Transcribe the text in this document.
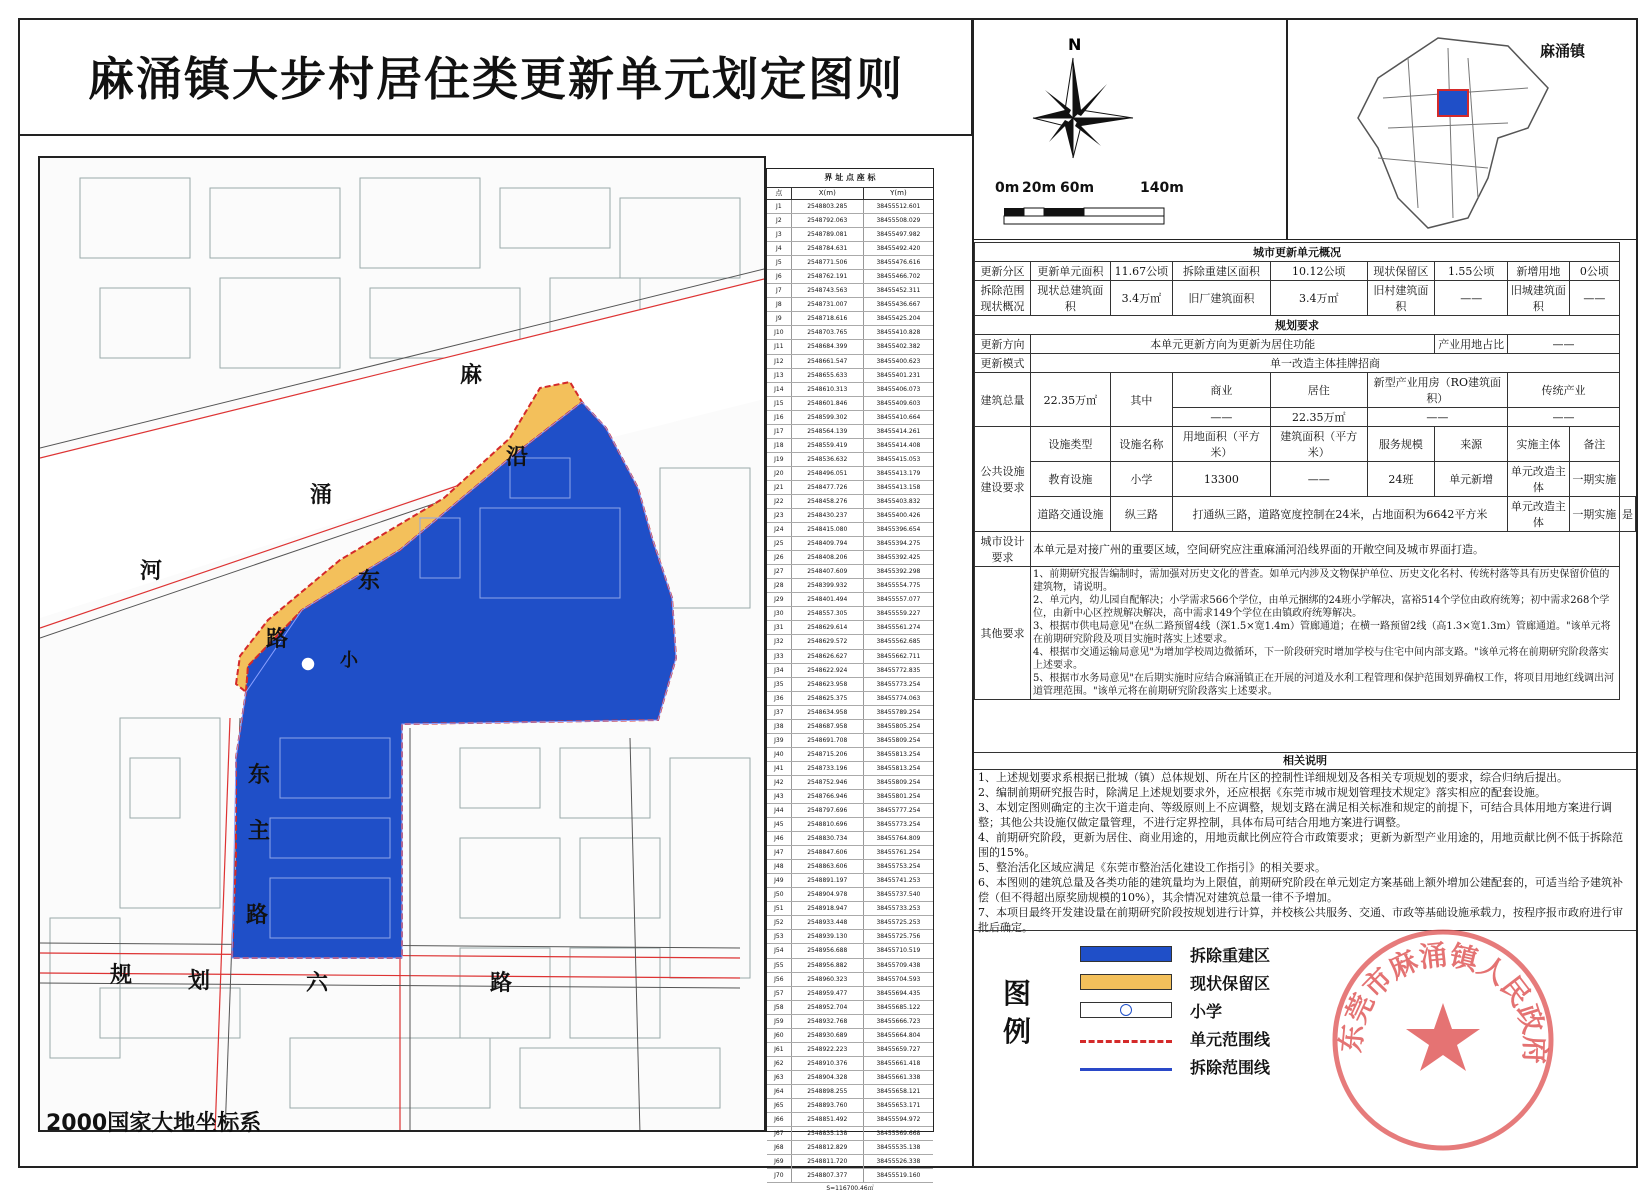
麻涌镇大步村居住类更新单元划定图则
麻
沿
涌
河	东
路
小
东
主
路
规	划	六	路
2000国家大地坐标系
界 址 点 座 标
点	X(m)	Y(m)
J1	2548803.285	38455512.601
J2	2548792.063	38455508.029
J3	2548789.081	38455497.982
J4	2548784.631	38455492.420
J5	2548771.506	38455476.616
J6	2548762.191	38455466.702
J7	2548743.563	38455452.311
J8	2548731.007	38455436.667
J9	2548718.616	38455425.204
J10	2548703.765	38455410.828
J11	2548684.399	38455402.382
J12	2548661.547	38455400.623
J13	2548655.633	38455401.231
J14	2548610.313	38455406.073
J15	2548601.846	38455409.603
J16	2548599.302	38455410.664
J17	2548564.139	38455414.261
J18	2548559.419	38455414.408
J19	2548536.632	38455415.053
J20	2548496.051	38455413.179
J21	2548477.726	38455413.158
J22	2548458.276	38455403.832
J23	2548430.237	38455400.426
J24	2548415.080	38455396.654
J25	2548409.794	38455394.275
J26	2548408.206	38455392.425
J27	2548407.609	38455392.298
J28	2548399.932	38455554.775
J29	2548401.494	38455557.077
J30	2548557.305	38455559.227
J31	2548629.614	38455561.274
J32	2548629.572	38455562.685
J33	2548626.627	38455662.711
J34	2548622.924	38455772.835
J35	2548623.958	38455773.254
J36	2548625.375	38455774.063
J37	2548634.958	38455789.254
J38	2548687.958	38455805.254
J39	2548691.708	38455809.254
J40	2548715.206	38455813.254
J41	2548733.196	38455813.254
J42	2548752.946	38455809.254
J43	2548766.946	38455801.254
J44	2548797.696	38455777.254
J45	2548810.696	38455773.254
J46	2548830.734	38455764.809
J47	2548847.606	38455761.254
J48	2548863.606	38455753.254
J49	2548891.197	38455741.253
J50	2548904.978	38455737.540
J51	2548918.947	38455733.253
J52	2548933.448	38455725.253
J53	2548939.130	38455725.756
J54	2548956.688	38455710.519
J55	2548956.882	38455709.438
J56	2548960.323	38455704.593
J57	2548959.477	38455694.435
J58	2548952.704	38455685.122
J59	2548932.768	38455666.723
J60	2548930.689	38455664.804
J61	2548922.223	38455659.727
J62	2548910.376	38455661.418
J63	2548904.328	38455661.338
J64	2548898.255	38455658.121
J65	2548893.760	38455653.171
J66	2548851.492	38455594.972
J67	2548835.138	38455569.668
J68	2548812.829	38455535.138
J69	2548811.720	38455526.338
J70	2548807.377	38455519.160
S=116700.46㎡
N
0m 20m 60m	140m
麻涌镇
城市更新单元概况									
更新分区	更新单元面积	11.67公顷	拆除重建区面积	10.12公顷	现状保留区	1.55公顷	新增用地	0公顷	
拆除范围现状概况	现状总建筑面积	3.4万㎡	旧厂建筑面积	3.4万㎡	旧村建筑面积	——	旧城建筑面积	——	
规划要求									
更新方向	本单元更新方向为更新为居住功能					产业用地占比	——		
更新模式	单一改造主体挂牌招商								
建筑总量	22.35万㎡	其中	商业	居住	新型产业用房（RO建筑面积）		传统产业		
			——	22.35万㎡	——		——		
公共设施建设要求	设施类型	设施名称	用地面积（平方米）	建筑面积（平方米）	服务规模	来源	实施主体	备注	
	教育设施	小学	13300	——	24班	单元新增	单元改造主体	一期实施	
	道路交通设施	纵三路	打通纵三路，道路宽度控制在24米，占地面积为6642平方米				单元改造主体	一期实施	是
城市设计要求	本单元是对接广州的重要区域，空间研究应注重麻涌河沿线界面的开敞空间及城市界面打造。								
其他要求	1、前期研究报告编制时，需加强对历史文化的普查。如单元内涉及文物保护单位、历史文化名村、传统村落等具有历史保留价值的建筑物，请说明。
2、单元内，幼儿园自配解决；小学需求566个学位，由单元捆绑的24班小学解决，富裕514个学位由政府统筹；初中需求268个学位，由新中心区控规解决解决，高中需求149个学位在由镇政府统筹解决。
3、根据市供电局意见"在纵二路预留4线（深1.5×宽1.4m）管廊通道；在横一路预留2线（高1.3×宽1.3m）管廊通道。"该单元将在前期研究阶段及项目实施时落实上述要求。
4、根据市交通运输局意见"为增加学校周边微循环，下一阶段研究时增加学校与住宅中间内部支路。"该单元将在前期研究阶段落实上述要求。
5、根据市水务局意见"在后期实施时应结合麻涌镇正在开展的河道及水利工程管理和保护范围划界确权工作，将项目用地红线调出河道管理范围。"该单元将在前期研究阶段落实上述要求。								
相关说明

1、上述规划要求系根据已批城（镇）总体规划、所在片区的控制性详细规划及各相关专项规划的要求，综合归纳后提出。

2、编制前期研究报告时，除满足上述规划要求外，还应根据《东莞市城市规划管理技术规定》落实相应的配套设施。

3、本划定图则确定的主次干道走向、等级原则上不应调整，规划支路在满足相关标准和规定的前提下，可结合具体用地方案进行调整；其他公共设施仅做定量管理，不进行定界控制，具体布局可结合用地方案进行调整。

4、前期研究阶段，更新为居住、商业用途的，用地贡献比例应符合市政策要求；更新为新型产业用途的，用地贡献比例不低于拆除范围的15%。

5、整治活化区域应满足《东莞市整治活化建设工作指引》的相关要求。

6、本图则的建筑总量及各类功能的建筑量均为上限值，前期研究阶段在单元划定方案基础上额外增加公建配套的，可适当给予建筑补偿（但不得超出原奖励规模的10%），其余情况对建筑总量一律不予增加。

7、本项目最终开发建设量在前期研究阶段按规划进行计算，并校核公共服务、交通、市政等基础设施承载力，按程序报市政府进行审批后确定。

图例
拆除重建区
现状保留区
小学
单元范围线
拆除范围线
东莞市麻涌镇人民政府
